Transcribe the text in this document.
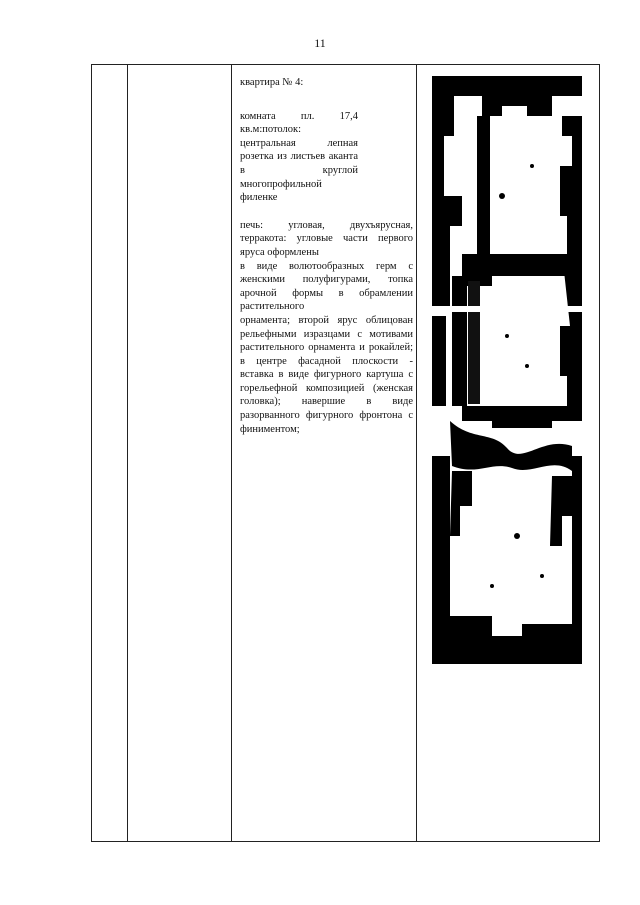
11

квартира № 4:

комната пл. 17,4 кв.м:потолок: центральная лепная розетка из листьев аканта в круглой многопрофильной филенке

печь: угловая, двухъярусная, терракота: угловые части первого яруса оформлены

в виде волютообразных герм с женскими полуфигурами, топка арочной формы в обрамлении растительного

орнамента; второй ярус облицован рельефными изразцами с мотивами растительного орнамента и рокайлей; в центре фасадной плоскости - вставка в виде фигурного картуша с горельефной композицией (женская головка); навершие в виде разорванного фигурного фронтона с финиментом;
